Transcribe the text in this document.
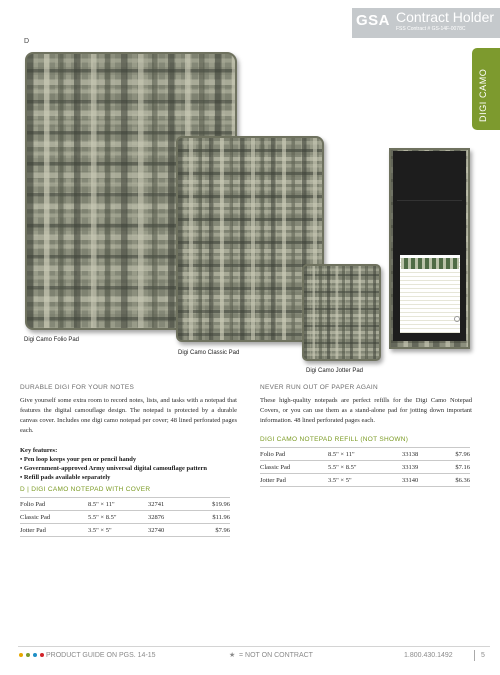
GSA Contract Holder
FSS Contract # GS-14F-0078C
D
DIGI CAMO
Digi Camo Folio Pad
Digi Camo Classic Pad
Digi Camo Jotter Pad
DURABLE DIGI FOR YOUR NOTES
Give yourself some extra room to record notes, lists, and tasks with a notepad that features the digital camouflage design. The notepad is protected by a durable canvas cover. Includes one digi camo notepad per cover; 48 lined perforated pages each.
Key features:
• Pen loop keeps your pen or pencil handy
• Government-approved Army universal digital camouflage pattern
• Refill pads available separately
D | DIGI CAMO NOTEPAD WITH COVER
Folio Pad	8.5" × 11"	32741	$19.96
Classic Pad	5.5" × 8.5"	32876	$11.96
Jotter Pad	3.5" × 5"	32740	$7.96
NEVER RUN OUT OF PAPER AGAIN
These high-quality notepads are perfect refills for the Digi Camo Notepad Covers, or you can use them as a stand-alone pad for jotting down important information. 48 lined perforated pages each.
DIGI CAMO NOTEPAD REFILL (NOT SHOWN)
Folio Pad	8.5" × 11"	33138	$7.96
Classic Pad	5.5" × 8.5"	33139	$7.16
Jotter Pad	3.5" × 5"	33140	$6.36
PRODUCT GUIDE ON PGS. 14-15	★ = NOT ON CONTRACT	1.800.430.1492	5
